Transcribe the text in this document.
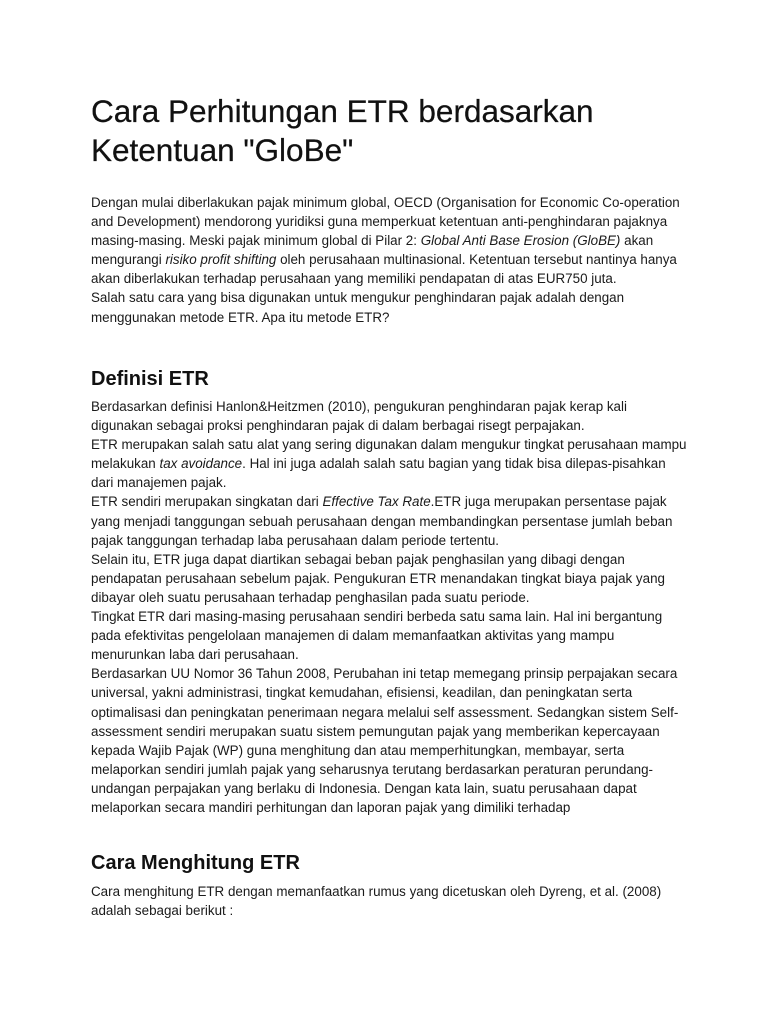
Cara Perhitungan ETR berdasarkan Ketentuan "GloBe"

Dengan mulai diberlakukan pajak minimum global, OECD (Organisation for Economic Co-operation and Development) mendorong yuridiksi guna memperkuat ketentuan anti-penghindaran pajaknya masing-masing. Meski pajak minimum global di Pilar 2: Global Anti Base Erosion (GloBE) akan mengurangi risiko profit shifting oleh perusahaan multinasional. Ketentuan tersebut nantinya hanya akan diberlakukan terhadap perusahaan yang memiliki pendapatan di atas EUR750 juta.

Salah satu cara yang bisa digunakan untuk mengukur penghindaran pajak adalah dengan menggunakan metode ETR. Apa itu metode ETR?

Definisi ETR

Berdasarkan definisi Hanlon&Heitzmen (2010), pengukuran penghindaran pajak kerap kali digunakan sebagai proksi penghindaran pajak di dalam berbagai risegt perpajakan.

ETR merupakan salah satu alat yang sering digunakan dalam mengukur tingkat perusahaan mampu melakukan tax avoidance. Hal ini juga adalah salah satu bagian yang tidak bisa dilepas-pisahkan dari manajemen pajak.

ETR sendiri merupakan singkatan dari Effective Tax Rate.ETR juga merupakan persentase pajak yang menjadi tanggungan sebuah perusahaan dengan membandingkan persentase jumlah beban pajak tanggungan terhadap laba perusahaan dalam periode tertentu.

Selain itu, ETR juga dapat diartikan sebagai beban pajak penghasilan yang dibagi dengan pendapatan perusahaan sebelum pajak. Pengukuran ETR menandakan tingkat biaya pajak yang dibayar oleh suatu perusahaan terhadap penghasilan pada suatu periode.

Tingkat ETR dari masing-masing perusahaan sendiri berbeda satu sama lain. Hal ini bergantung pada efektivitas pengelolaan manajemen di dalam memanfaatkan aktivitas yang mampu menurunkan laba dari perusahaan.

Berdasarkan UU Nomor 36 Tahun 2008, Perubahan ini tetap memegang prinsip perpajakan secara universal, yakni administrasi, tingkat kemudahan, efisiensi, keadilan, dan peningkatan serta optimalisasi dan peningkatan penerimaan negara melalui self assessment. Sedangkan sistem Self-assessment sendiri merupakan suatu sistem pemungutan pajak yang memberikan kepercayaan kepada Wajib Pajak (WP) guna menghitung dan atau memperhitungkan, membayar, serta melaporkan sendiri jumlah pajak yang seharusnya terutang berdasarkan peraturan perundang-undangan perpajakan yang berlaku di Indonesia. Dengan kata lain, suatu perusahaan dapat melaporkan secara mandiri perhitungan dan laporan pajak yang dimiliki terhadap

Cara Menghitung ETR

Cara menghitung ETR dengan memanfaatkan rumus yang dicetuskan oleh Dyreng, et al. (2008) adalah sebagai berikut :
